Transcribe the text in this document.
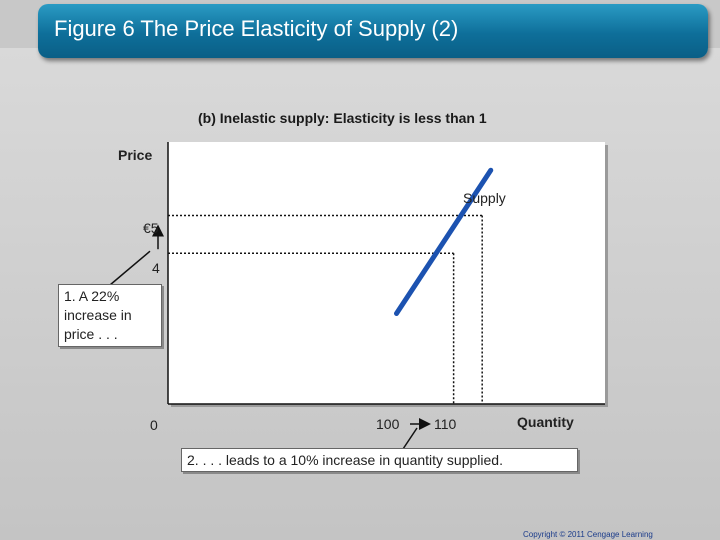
Figure 6 The Price Elasticity of Supply (2)
(b) Inelastic supply: Elasticity is less than 1
Price
Quantity
0
4
€5
100 110
Supply
1. A 22% increase in price . . .
2. . . . leads to a 10% increase in quantity supplied.
Copyright © 2011 Cengage Learning
